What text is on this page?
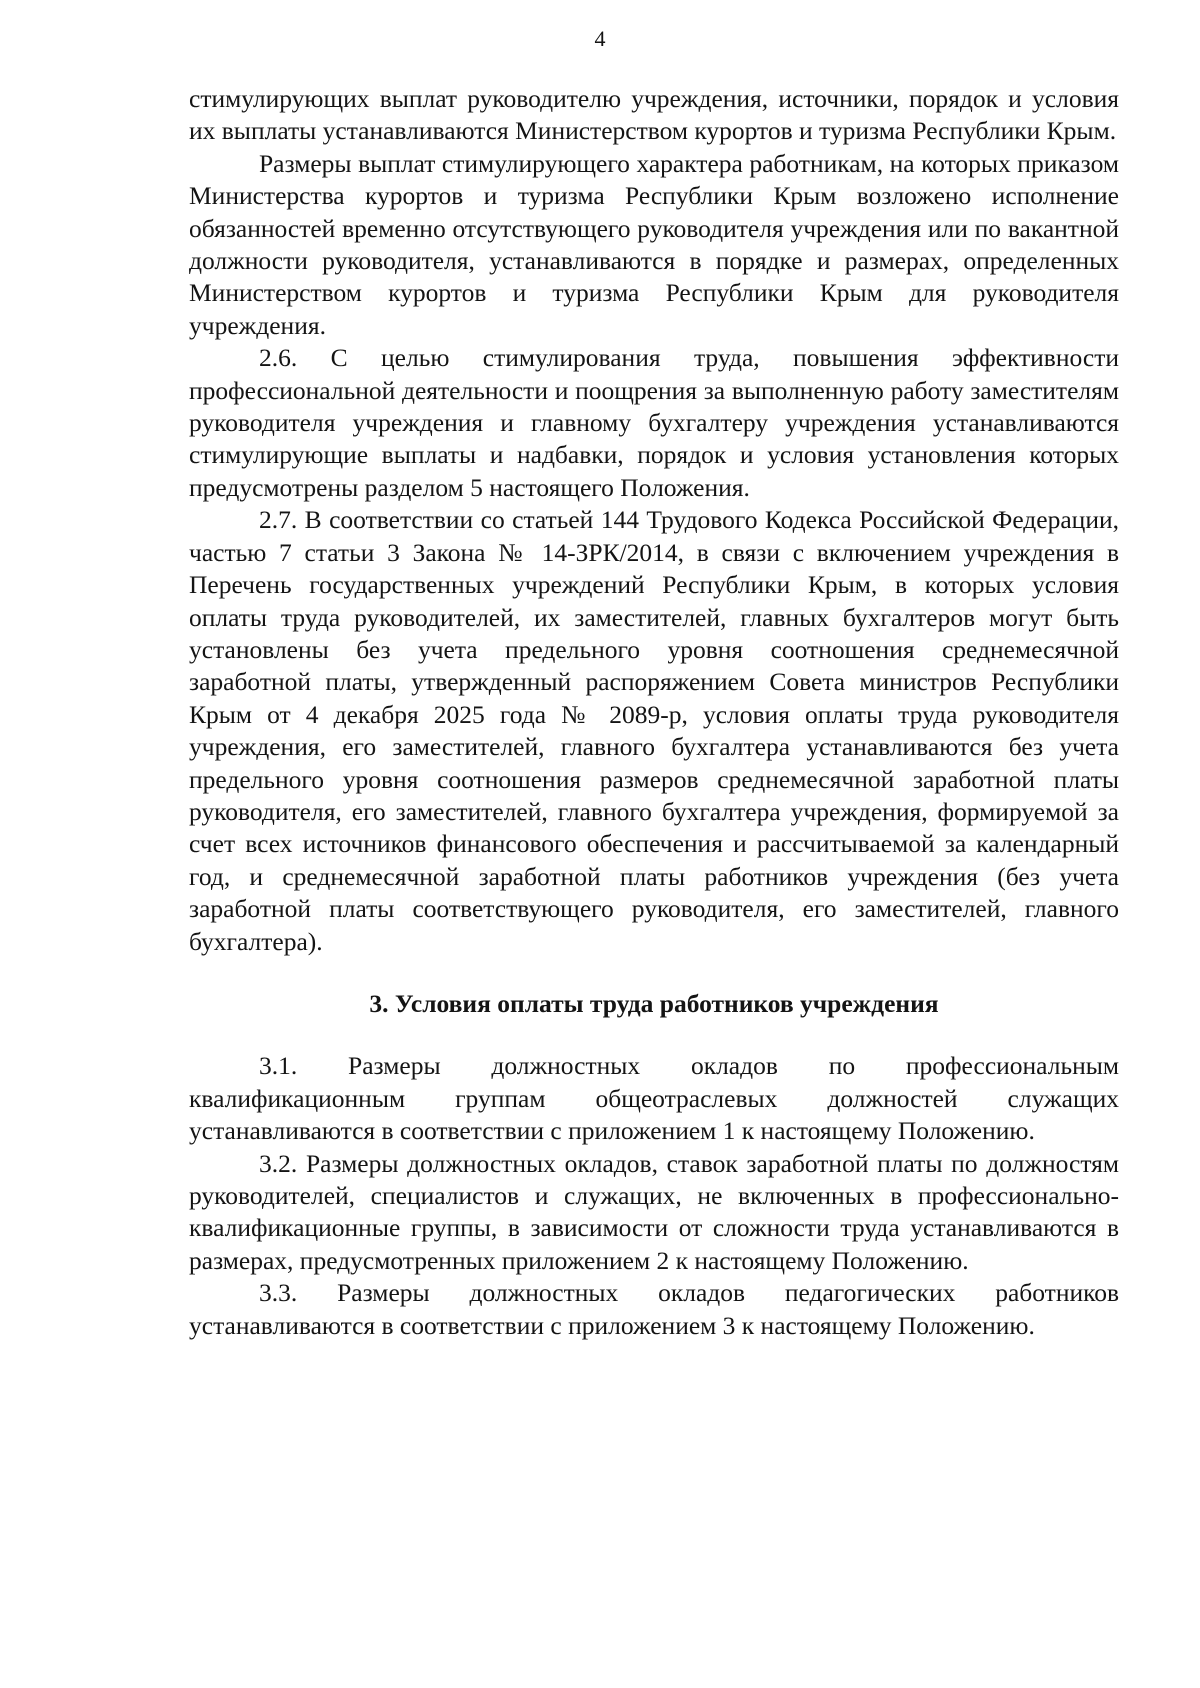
4

стимулирующих выплат руководителю учреждения, источники, порядок и условия их выплаты устанавливаются Министерством курортов и туризма Республики Крым.

Размеры выплат стимулирующего характера работникам, на которых приказом Министерства курортов и туризма Республики Крым возложено исполнение обязанностей временно отсутствующего руководителя учреждения или по вакантной должности руководителя, устанавливаются в порядке и размерах, определенных Министерством курортов и туризма Республики Крым для руководителя учреждения.

2.6. С целью стимулирования труда, повышения эффективности профессиональной деятельности и поощрения за выполненную работу заместителям руководителя учреждения и главному бухгалтеру учреждения устанавливаются стимулирующие выплаты и надбавки, порядок и условия установления которых предусмотрены разделом 5 настоящего Положения.

2.7. В соответствии со статьей 144 Трудового Кодекса Российской Федерации, частью 7 статьи 3 Закона № 14-ЗРК/2014, в связи с включением учреждения в Перечень государственных учреждений Республики Крым, в которых условия оплаты труда руководителей, их заместителей, главных бухгалтеров могут быть установлены без учета предельного уровня соотношения среднемесячной заработной платы, утвержденный распоряжением Совета министров Республики Крым от 4 декабря 2025 года № 2089-р, условия оплаты труда руководителя учреждения, его заместителей, главного бухгалтера устанавливаются без учета предельного уровня соотношения размеров среднемесячной заработной платы руководителя, его заместителей, главного бухгалтера учреждения, формируемой за счет всех источников финансового обеспечения и рассчитываемой за календарный год, и среднемесячной заработной платы работников учреждения (без учета заработной платы соответствующего руководителя, его заместителей, главного бухгалтера).

3. Условия оплаты труда работников учреждения

3.1. Размеры должностных окладов по профессиональным квалификационным группам общеотраслевых должностей служащих устанавливаются в соответствии с приложением 1 к настоящему Положению.

3.2. Размеры должностных окладов, ставок заработной платы по должностям руководителей, специалистов и служащих, не включенных в профессионально-квалификационные группы, в зависимости от сложности труда устанавливаются в размерах, предусмотренных приложением 2 к настоящему Положению.

3.3. Размеры должностных окладов педагогических работников устанавливаются в соответствии с приложением 3 к настоящему Положению.
